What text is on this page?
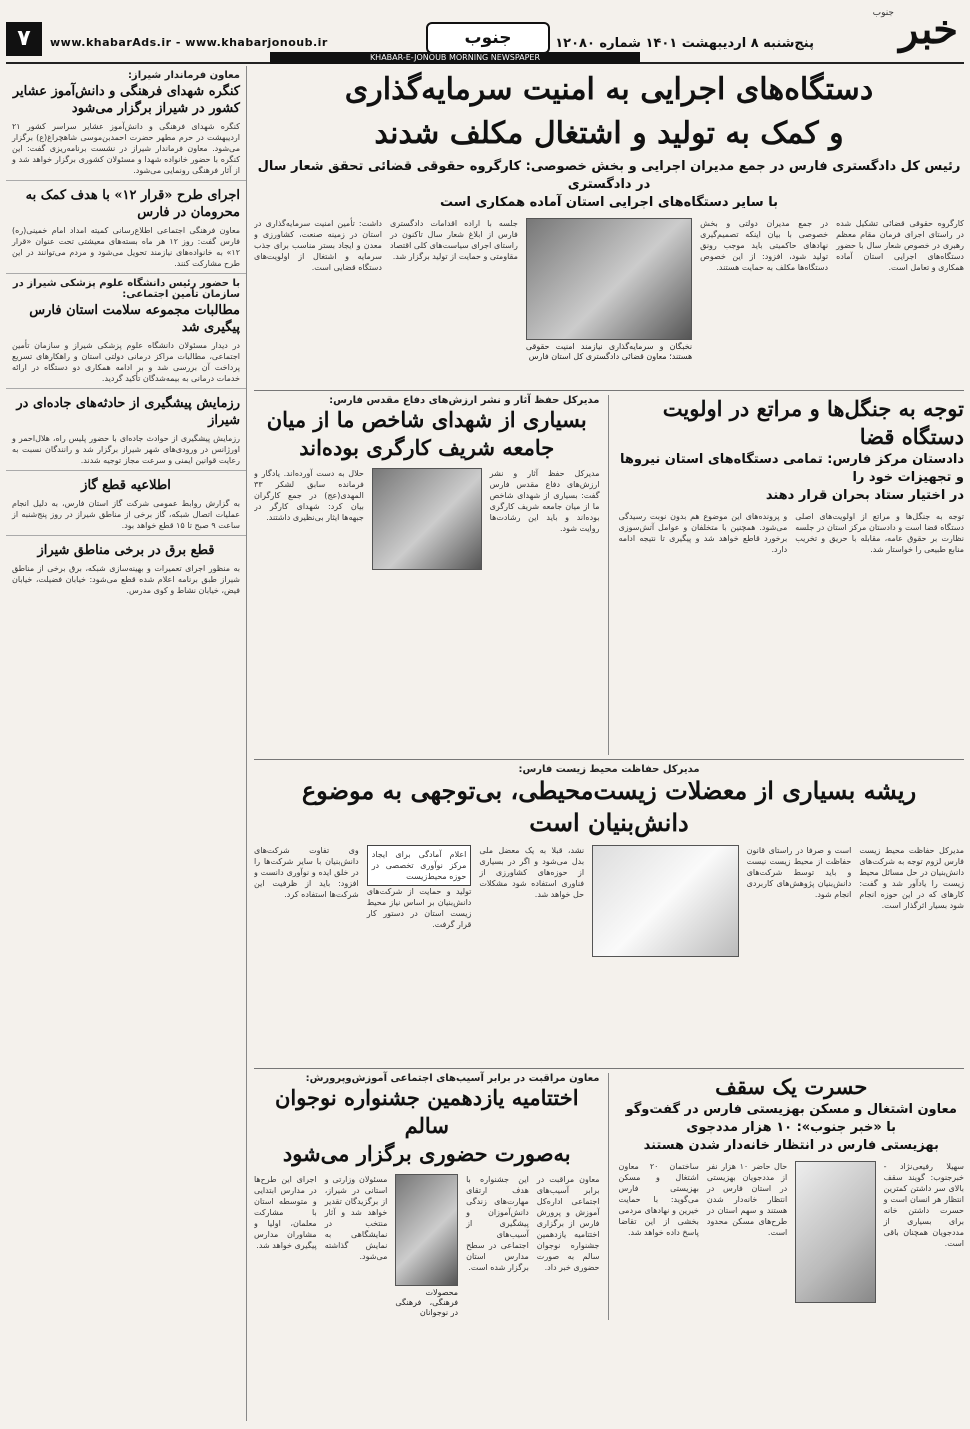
خبر
جنوب
پنج‌شنبه ۸ اردیبهشت ۱۴۰۱ شماره ۱۲۰۸۰
جنوب
www.khabarAds.ir - www.khabarjonoub.ir
۷
KHABAR-E-JONOUB MORNING NEWSPAPER
معاون فرماندار شیراز:
کنگره شهدای فرهنگی و دانش‌آموز عشایر کشور در شیراز برگزار می‌شود
کنگره شهدای فرهنگی و دانش‌آموز عشایر سراسر کشور ۲۱ اردیبهشت در حرم مطهر حضرت احمدبن‌موسی شاهچراغ(ع) برگزار می‌شود. معاون فرماندار شیراز در نشست برنامه‌ریزی گفت: این کنگره با حضور خانواده شهدا و مسئولان کشوری برگزار خواهد شد و از آثار فرهنگی رونمایی می‌شود.
اجرای طرح «قرار ۱۲» با هدف کمک به محرومان در فارس
معاون فرهنگی اجتماعی اطلاع‌رسانی کمیته امداد امام خمینی(ره) فارس گفت: روز ۱۲ هر ماه بسته‌های معیشتی تحت عنوان «قرار ۱۲» به خانواده‌های نیازمند تحویل می‌شود و مردم می‌توانند در این طرح مشارکت کنند.
با حضور رئیس دانشگاه علوم پزشکی شیراز در سازمان تأمین اجتماعی:
مطالبات مجموعه سلامت استان فارس پیگیری شد
در دیدار مسئولان دانشگاه علوم پزشکی شیراز و سازمان تأمین اجتماعی، مطالبات مراکز درمانی دولتی استان و راهکارهای تسریع پرداخت آن بررسی شد و بر ادامه همکاری دو دستگاه در ارائه خدمات درمانی به بیمه‌شدگان تأکید گردید.
رزمایش پیشگیری از حادثه‌های جاده‌ای در شیراز
رزمایش پیشگیری از حوادث جاده‌ای با حضور پلیس راه، هلال‌احمر و اورژانس در ورودی‌های شهر شیراز برگزار شد و رانندگان نسبت به رعایت قوانین ایمنی و سرعت مجاز توجیه شدند.
اطلاعیه قطع گاز
به گزارش روابط عمومی شرکت گاز استان فارس، به دلیل انجام عملیات اتصال شبکه، گاز برخی از مناطق شیراز در روز پنج‌شنبه از ساعت ۹ صبح تا ۱۵ قطع خواهد بود.
قطع برق در برخی مناطق شیراز
به منظور اجرای تعمیرات و بهینه‌سازی شبکه، برق برخی از مناطق شیراز طبق برنامه اعلام شده قطع می‌شود: خیابان فضیلت، خیابان فیض، خیابان نشاط و کوی مدرس.
دستگاه‌های اجرایی به امنیت سرمایه‌گذاری
و کمک به تولید و اشتغال مکلف شدند
رئیس کل دادگستری فارس در جمع مدیران اجرایی و بخش خصوصی: کارگروه حقوقی قضائی تحقق شعار سال در دادگستری
با سایر دستگاه‌های اجرایی استان آماده همکاری است
کارگروه حقوقی قضائی تشکیل شده در راستای اجرای فرمان مقام معظم رهبری در خصوص شعار سال با حضور دستگاه‌های اجرایی استان آماده همکاری و تعامل است.
در جمع مدیران دولتی و بخش خصوصی با بیان اینکه تصمیم‌گیری نهادهای حاکمیتی باید موجب رونق تولید شود، افزود: از این خصوص دستگاه‌ها مکلف به حمایت هستند.
نخبگان و سرمایه‌گذاری نیازمند امنیت حقوقی هستند؛ معاون قضائی دادگستری کل استان فارس
جلسه با اراده اقدامات دادگستری فارس از ابلاغ شعار سال تاکنون در راستای اجرای سیاست‌های کلی اقتصاد مقاومتی و حمایت از تولید برگزار شد.
داشت: تأمین امنیت سرمایه‌گذاری در استان در زمینه صنعت، کشاورزی و معدن و ایجاد بستر مناسب برای جذب سرمایه و اشتغال از اولویت‌های دستگاه قضایی است.
توجه به جنگل‌ها و مراتع در اولویت دستگاه قضا
دادستان مرکز فارس: تمامی دستگاه‌های استان نیروها و تجهیزات خود را
در اختیار ستاد بحران قرار دهند
توجه به جنگل‌ها و مراتع از اولویت‌های اصلی دستگاه قضا است و دادستان مرکز استان در جلسه نظارت بر حقوق عامه، مقابله با حریق و تخریب منابع طبیعی را خواستار شد.
و پرونده‌های این موضوع هم بدون نوبت رسیدگی می‌شود. همچنین با متخلفان و عوامل آتش‌سوزی برخورد قاطع خواهد شد و پیگیری تا نتیجه ادامه دارد.
مدیرکل حفظ آثار و نشر ارزش‌های دفاع مقدس فارس:
بسیاری از شهدای شاخص ما از میان
جامعه شریف کارگری بوده‌اند
مدیرکل حفظ آثار و نشر ارزش‌های دفاع مقدس فارس گفت: بسیاری از شهدای شاخص ما از میان جامعه شریف کارگری بوده‌اند و باید این رشادت‌ها روایت شود.
حلال به دست آورده‌اند. یادگار و فرمانده سابق لشکر ۳۳ المهدی(عج) در جمع کارگران بیان کرد: شهدای کارگر در جبهه‌ها ایثار بی‌نظیری داشتند.
مدیرکل حفاظت محیط زیست فارس:
ریشه بسیاری از معضلات زیست‌محیطی، بی‌توجهی به موضوع دانش‌بنیان است
مدیرکل حفاظت محیط زیست فارس لزوم توجه به شرکت‌های دانش‌بنیان در حل مسائل محیط زیست را یادآور شد و گفت: کارهای که در این حوزه انجام شود بسیار اثرگذار است.
است و صرفا در راستای قانون حفاظت از محیط زیست نیست و باید توسط شرکت‌های دانش‌بنیان پژوهش‌های کاربردی انجام شود.
نشد، قبلا به یک معضل ملی بدل می‌شود و اگر در بسیاری از حوزه‌های کشاورزی از فناوری استفاده شود مشکلات حل خواهد شد.
اعلام آمادگی برای ایجاد مرکز نوآوری تخصصی در حوزه محیط‌زیست
تولید و حمایت از شرکت‌های دانش‌بنیان بر اساس نیاز محیط زیست استان در دستور کار قرار گرفت.
وی تفاوت شرکت‌های دانش‌بنیان با سایر شرکت‌ها را در خلق ایده و نوآوری دانست و افزود: باید از ظرفیت این شرکت‌ها استفاده کرد.
حسرت یک سقف
معاون اشتغال و مسکن بهزیستی فارس در گفت‌وگو با «خبر جنوب»: ۱۰ هزار مددجوی
بهزیستی فارس در انتظار خانه‌دار شدن هستند
سهیلا رفیعی‌نژاد - خبرجنوب: گویند سقف بالای سر داشتن کمترین انتظار هر انسان است و حسرت داشتن خانه برای بسیاری از مددجویان همچنان باقی است.
حال حاضر ۱۰ هزار نفر از مددجویان بهزیستی در استان فارس در انتظار خانه‌دار شدن هستند و سهم استان در طرح‌های مسکن محدود است.
ساختمان ۲۰ معاون اشتغال و مسکن بهزیستی فارس می‌گوید: با حمایت خیرین و نهادهای مردمی بخشی از این تقاضا پاسخ داده خواهد شد.
معاون مراقبت در برابر آسیب‌های اجتماعی آموزش‌وپرورش:
اختتامیه یازدهمین جشنواره نوجوان سالم
به‌صورت حضوری برگزار می‌شود
معاون مراقبت در برابر آسیب‌های اجتماعی اداره‌کل آموزش و پرورش فارس از برگزاری اختتامیه یازدهمین جشنواره نوجوان سالم به صورت حضوری خبر داد.
این جشنواره با هدف ارتقای مهارت‌های زندگی دانش‌آموزان و پیشگیری از آسیب‌های اجتماعی در سطح مدارس استان برگزار شده است.
محصولات فرهنگی، فرهنگی در نوجوانان
مسئولان وزارتی و استانی در شیراز، از برگزیدگان تقدیر خواهد شد و آثار منتخب در نمایشگاهی به نمایش گذاشته می‌شود.
اجرای این طرح‌ها در مدارس ابتدایی و متوسطه استان با مشارکت معلمان، اولیا و مشاوران مدارس پیگیری خواهد شد.
